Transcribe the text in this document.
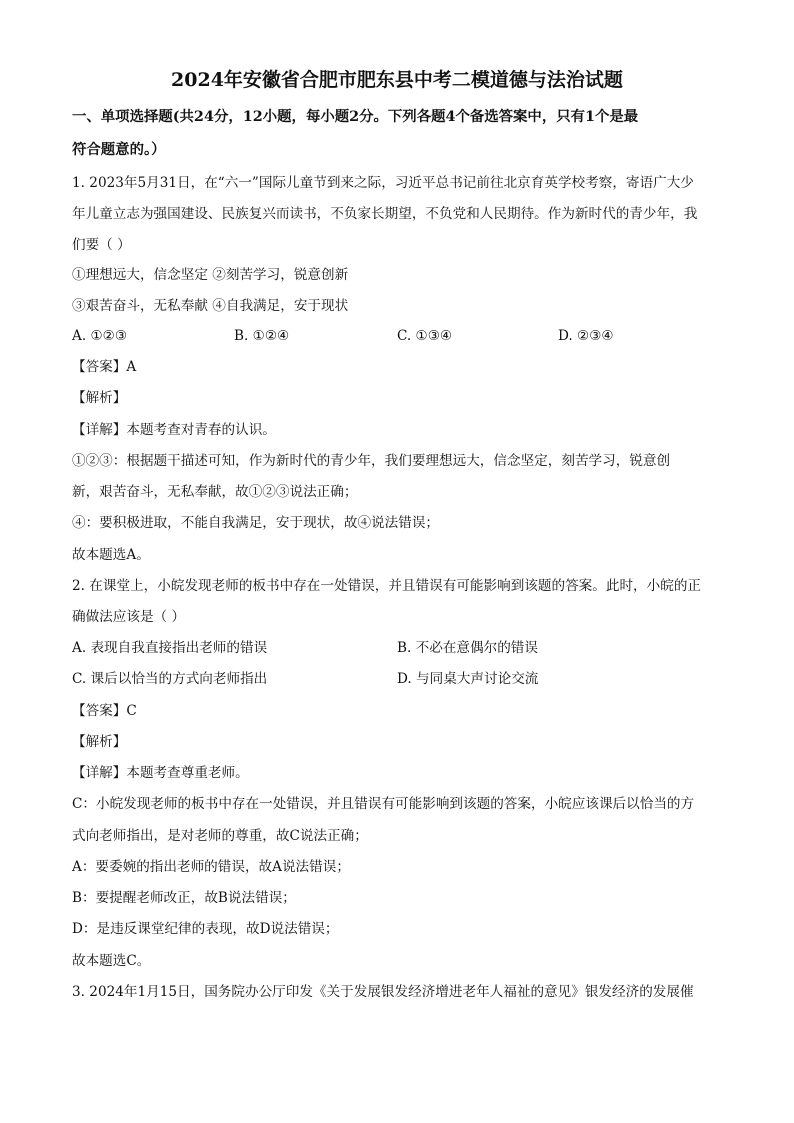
2024年安徽省合肥市肥东县中考二模道德与法治试题
一、单项选择题(共24分，12小题，每小题2分。下列各题4个备选答案中，只有1个是最
符合题意的。）
1. 2023年5月31日，在“六一”国际儿童节到来之际，习近平总书记前往北京育英学校考察，寄语广大少
年儿童立志为强国建设、民族复兴而读书，不负家长期望，不负党和人民期待。作为新时代的青少年，我
们要（ ）
①理想远大，信念坚定 ②刻苦学习，锐意创新
③艰苦奋斗，无私奉献 ④自我满足，安于现状
A. ①②③	B. ①②④	C. ①③④	D. ②③④
【答案】A
【解析】
【详解】本题考查对青春的认识。
①②③：根据题干描述可知，作为新时代的青少年，我们要理想远大，信念坚定，刻苦学习，锐意创
新，艰苦奋斗，无私奉献，故①②③说法正确；
④：要积极进取，不能自我满足，安于现状，故④说法错误；
故本题选A。
2. 在课堂上，小皖发现老师的板书中存在一处错误，并且错误有可能影响到该题的答案。此时，小皖的正
确做法应该是（ ）
A. 表现自我直接指出老师的错误	B. 不必在意偶尔的错误
C. 课后以恰当的方式向老师指出	D. 与同桌大声讨论交流
【答案】C
【解析】
【详解】本题考查尊重老师。
C：小皖发现老师的板书中存在一处错误，并且错误有可能影响到该题的答案，小皖应该课后以恰当的方
式向老师指出，是对老师的尊重，故C说法正确；
A：要委婉的指出老师的错误，故A说法错误；
B：要提醒老师改正，故B说法错误；
D：是违反课堂纪律的表现，故D说法错误；
故本题选C。
3. 2024年1月15日，国务院办公厅印发《关于发展银发经济增进老年人福祉的意见》银发经济的发展催
